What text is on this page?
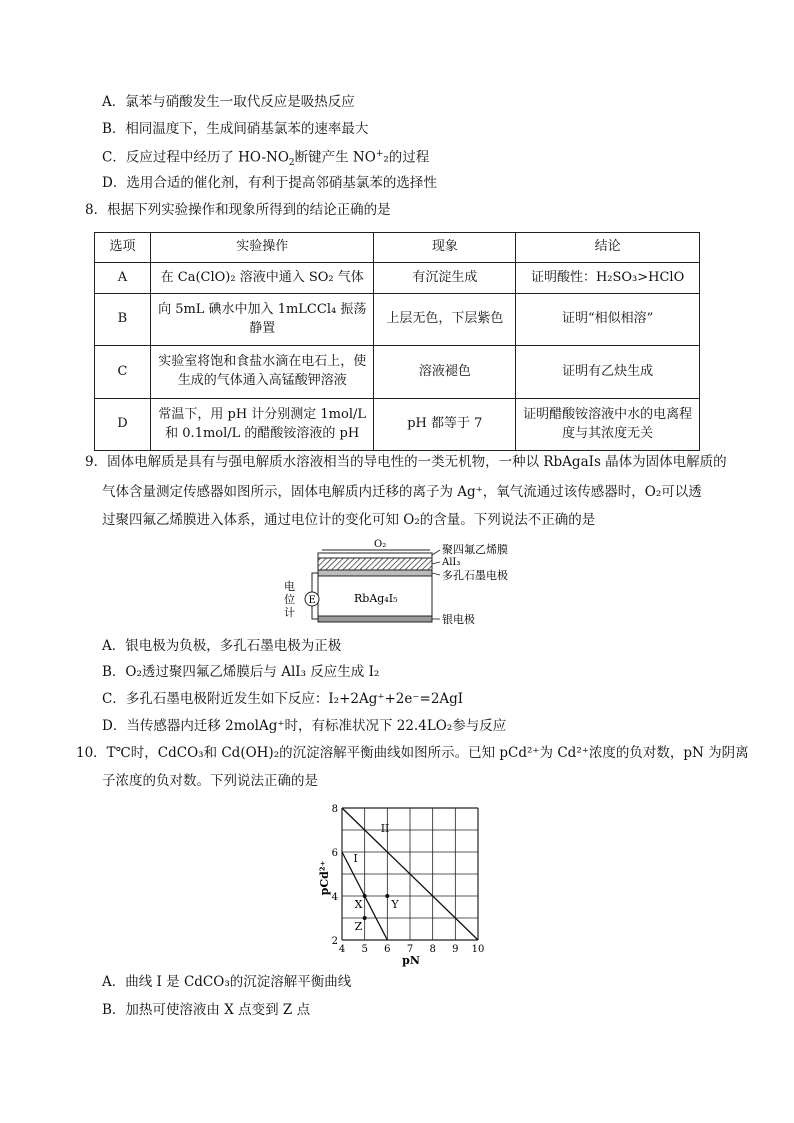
A．氯苯与硝酸发生一取代反应是吸热反应
B．相同温度下，生成间硝基氯苯的速率最大
C．反应过程中经历了 $HO-NO_2$断键产生 NO+₂的过程
D．选用合适的催化剂，有利于提高邻硝基氯苯的选择性
8．根据下列实验操作和现象所得到的结论正确的是
选项	实验操作	现象	结论
A	在 Ca(ClO)₂ 溶液中通入 SO₂ 气体	有沉淀生成	证明酸性：H₂SO₃>HClO
B	向 5mL 碘水中加入 1mLCCl₄ 振荡静置	上层无色，下层紫色	证明“相似相溶”
C	实验室将饱和食盐水滴在电石上，使生成的气体通入高锰酸钾溶液	溶液褪色	证明有乙炔生成
D	常温下，用 pH 计分别测定 1mol/L 和 0.1mol/L 的醋酸铵溶液的 pH	pH 都等于 7	证明醋酸铵溶液中水的电离程度与其浓度无关
9．固体电解质是具有与强电解质水溶液相当的导电性的一类无机物，一种以 RbAgaIs 晶体为固体电解质的
气体含量测定传感器如图所示，固体电解质内迁移的离子为 Ag⁺，氧气流通过该传感器时，O₂可以透
过聚四氟乙烯膜进入体系，通过电位计的变化可知 O₂的含量。下列说法不正确的是
O₂
RbAg₄I₅
E
电
位
计
聚四氟乙烯膜
AlI₃
多孔石墨电极
银电极
A．银电极为负极，多孔石墨电极为正极
B．O₂透过聚四氟乙烯膜后与 AlI₃ 反应生成 I₂
C．多孔石墨电极附近发生如下反应：I₂+2Ag⁺+2e⁻=2AgI
D．当传感器内迁移 2molAg⁺时，有标准状况下 22.4LO₂参与反应
10．T℃时，CdCO₃和 Cd(OH)₂的沉淀溶解平衡曲线如图所示。已知 pCd²⁺为 Cd²⁺浓度的负对数，pN 为阴离
子浓度的负对数。下列说法正确的是
I
II
4 5 6 7 8 9 10
2
4
6
8
X	Y
Z
pCd²⁺
pN
A．曲线 I 是 CdCO₃的沉淀溶解平衡曲线
B．加热可使溶液由 X 点变到 Z 点
